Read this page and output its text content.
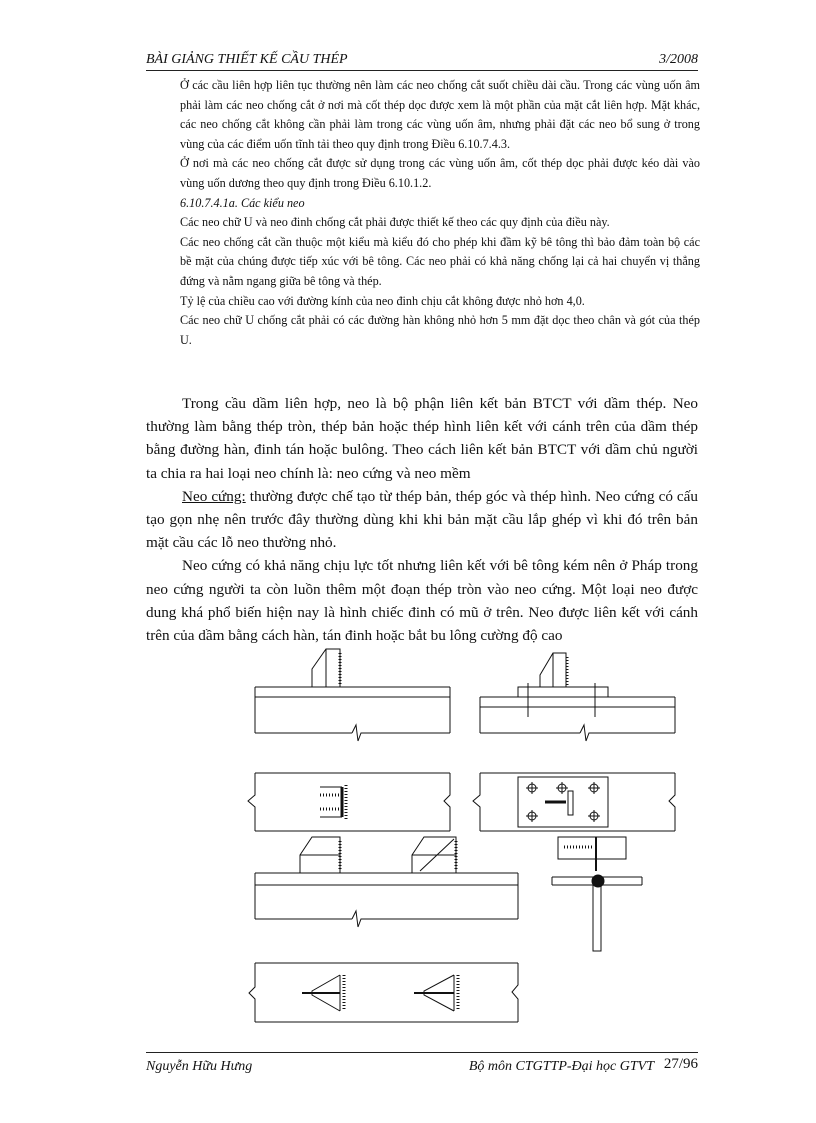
BÀI GIẢNG THIẾT KẾ CẦU THÉP	3/2008

Ở các cầu liên hợp liên tục thường nên làm các neo chống cắt suốt chiều dài cầu. Trong các vùng uốn âm phải làm các neo chống cắt ở nơi mà cốt thép dọc được xem là một phần của mặt cắt liên hợp. Mặt khác, các neo chống cắt không cần phải làm trong các vùng uốn âm, nhưng phải đặt các neo bổ sung ở trong vùng của các điểm uốn tĩnh tải theo quy định trong Điều 6.10.7.4.3.

Ở nơi mà các neo chống cắt được sử dụng trong các vùng uốn âm, cốt thép dọc phải được kéo dài vào vùng uốn dương theo quy định trong Điều 6.10.1.2.

6.10.7.4.1a. Các kiểu neo

Các neo chữ U và neo đinh chống cắt phải được thiết kế theo các quy định của điều này.

Các neo chống cắt cần thuộc một kiểu mà kiểu đó cho phép khi đầm kỹ bê tông thì bảo đảm toàn bộ các bề mặt của chúng được tiếp xúc với bê tông. Các neo phải có khả năng chống lại cả hai chuyển vị thẳng đứng và nằm ngang giữa bê tông và thép.

Tỷ lệ của chiều cao với đường kính của neo đinh chịu cắt không được nhỏ hơn 4,0.

Các neo chữ U chống cắt phải có các đường hàn không nhỏ hơn 5 mm đặt dọc theo chân và gót của thép U.

Trong cầu dầm liên hợp, neo là bộ phận liên kết bản BTCT với dầm thép. Neo thường làm bằng thép tròn, thép bản hoặc thép hình liên kết với cánh trên của dầm thép bằng đường hàn, đinh tán hoặc bulông. Theo cách liên kết bản BTCT với dầm chủ người ta chia ra hai loại neo chính là: neo cứng và neo mềm

Neo cứng: thường được chế tạo từ thép bản, thép góc và thép hình. Neo cứng có cấu tạo gọn nhẹ nên trước đây thường dùng khi khi bản mặt cầu lắp ghép vì khi đó trên bản mặt cầu các lỗ neo thường nhỏ.

Neo cứng có khả năng chịu lực tốt nhưng liên kết với bê tông kém nên ở Pháp trong neo cứng người ta còn luồn thêm một đoạn thép tròn vào neo cứng. Một loại neo được dung khá phổ biến hiện nay là hình chiếc đinh có mũ ở trên. Neo được liên kết với cánh trên của dầm bằng cách hàn, tán đinh hoặc bắt bu lông cường độ cao

Nguyễn Hữu Hưng	Bộ môn CTGTTP-Đại học GTVT 27/96
